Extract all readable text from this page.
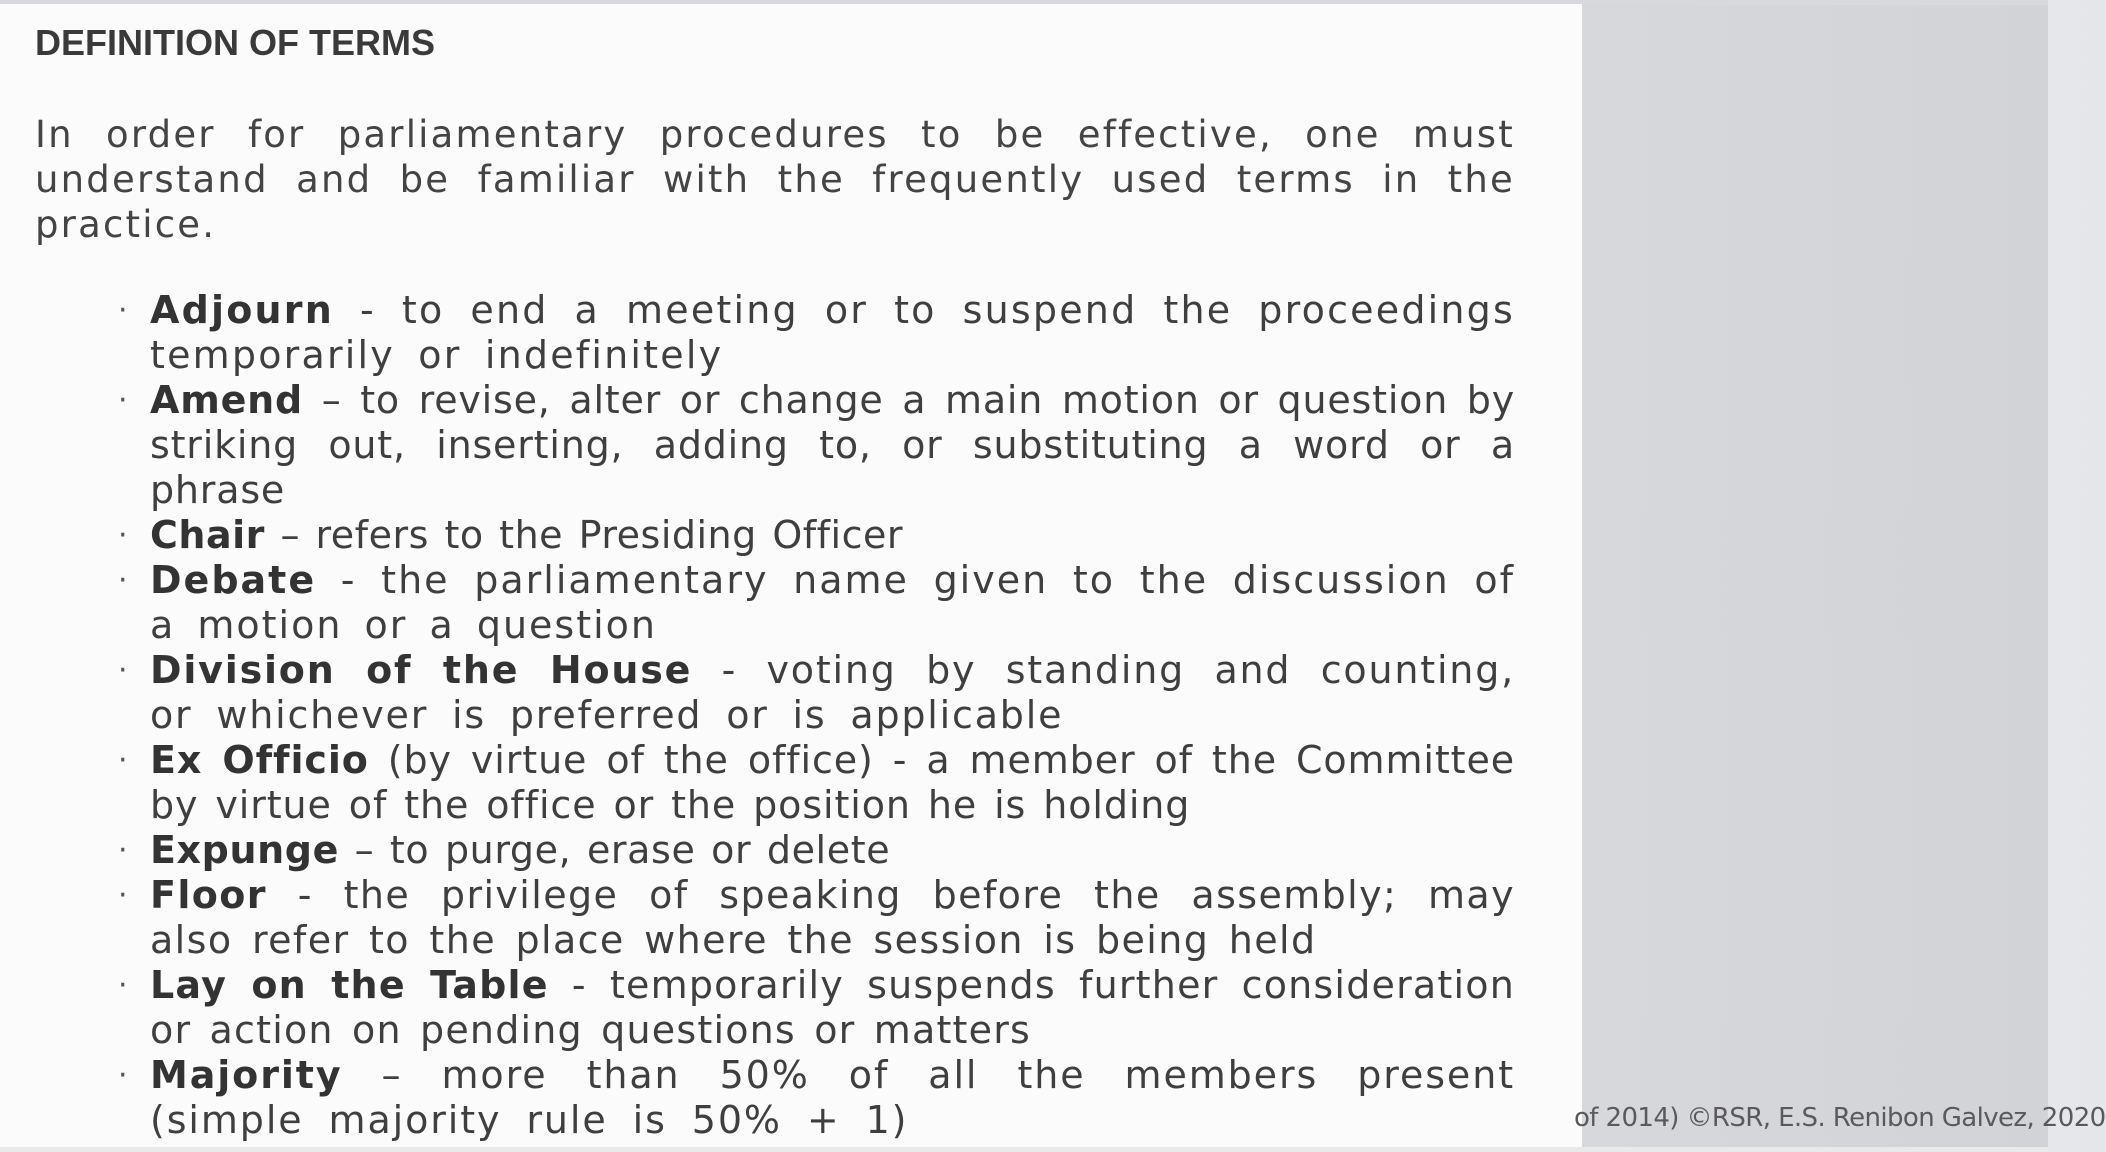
DEFINITION OF TERMS
In order for parliamentary procedures to be effective, one must understand and be familiar with the frequently used terms in the practice.
· Adjourn - to end a meeting or to suspend the proceedings temporarily or indefinitely
· Amend – to revise, alter or change a main motion or question by striking out, inserting, adding to, or substituting a word or a phrase
· Chair – refers to the Presiding Officer
· Debate - the parliamentary name given to the discussion of a motion or a question
· Division of the House - voting by standing and counting, or whichever is preferred or is applicable
· Ex Officio (by virtue of the office) - a member of the Committee by virtue of the office or the position he is holding
· Expunge – to purge, erase or delete
· Floor - the privilege of speaking before the assembly; may also refer to the place where the session is being held
· Lay on the Table - temporarily suspends further consideration or action on pending questions or matters
· Majority – more than 50% of all the members present (simple majority rule is 50% + 1)	of 2014) ©RSR, E.S. Renibon Galvez, 2020
